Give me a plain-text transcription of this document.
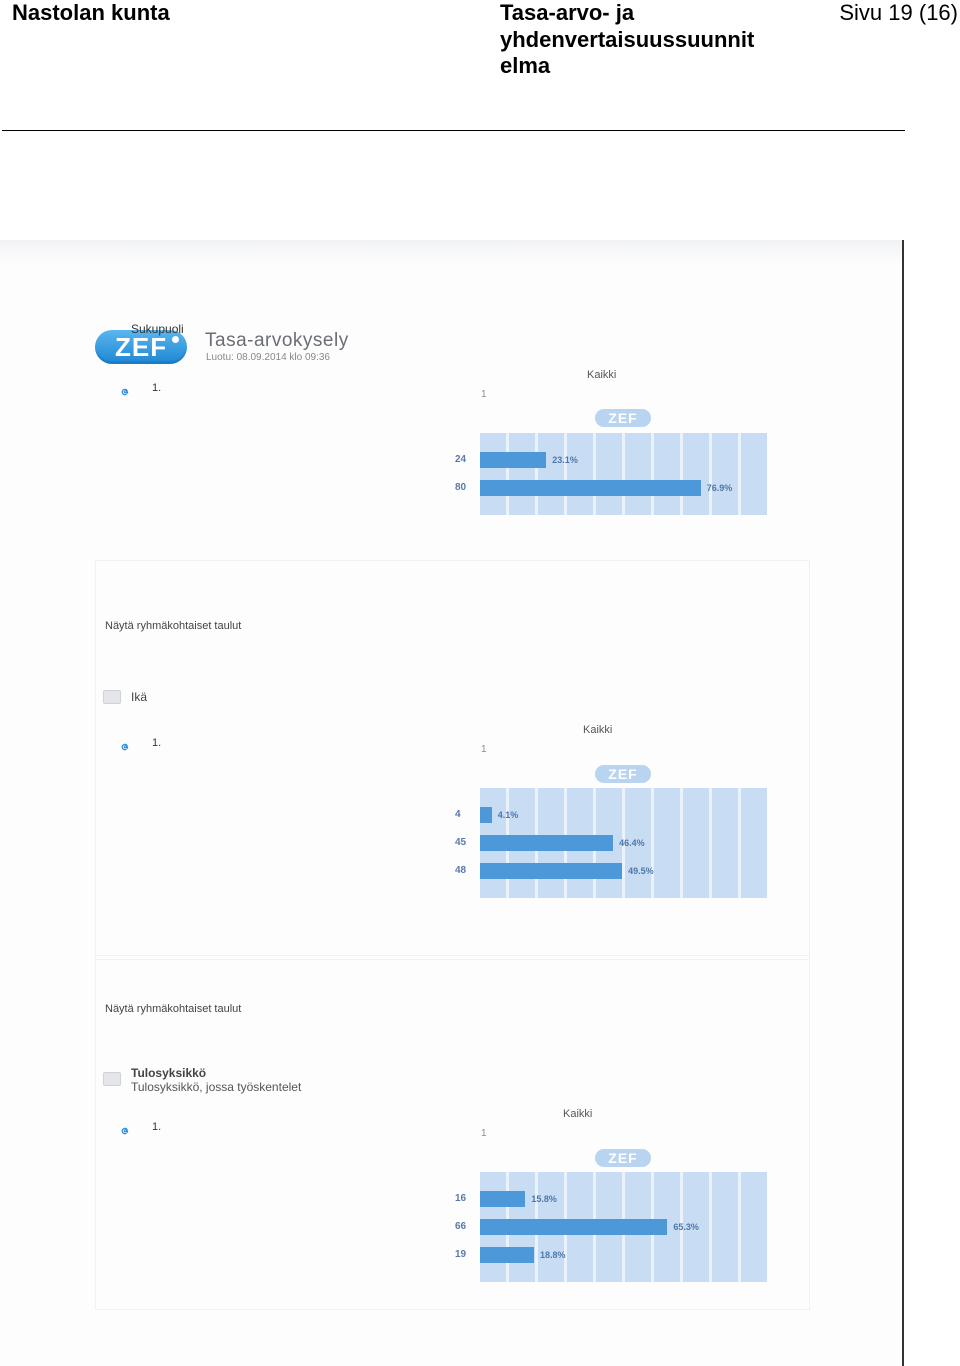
Nastolan kunta	Tasa-arvo- ja
yhdenvertaisuussuunnit
elma
Sivu 19 (16)
ZEF
Sukupuoli
Tasa-arvokysely
Luotu: 08.09.2014 klo 09:36
ဇ 1.
1
Kaikki
ZEF
24	23.1%
80	76.9%
Näytä ryhmäkohtaiset taulut
Ikä
ဇ 1.
1
Kaikki
ZEF
4	4.1%
45	46.4%
48	49.5%
Näytä ryhmäkohtaiset taulut
Tulosyksikkö
Tulosyksikkö, jossa työskentelet
ဇ 1.
1
Kaikki
ZEF
16	15.8%
66	65.3%
19	18.8%
